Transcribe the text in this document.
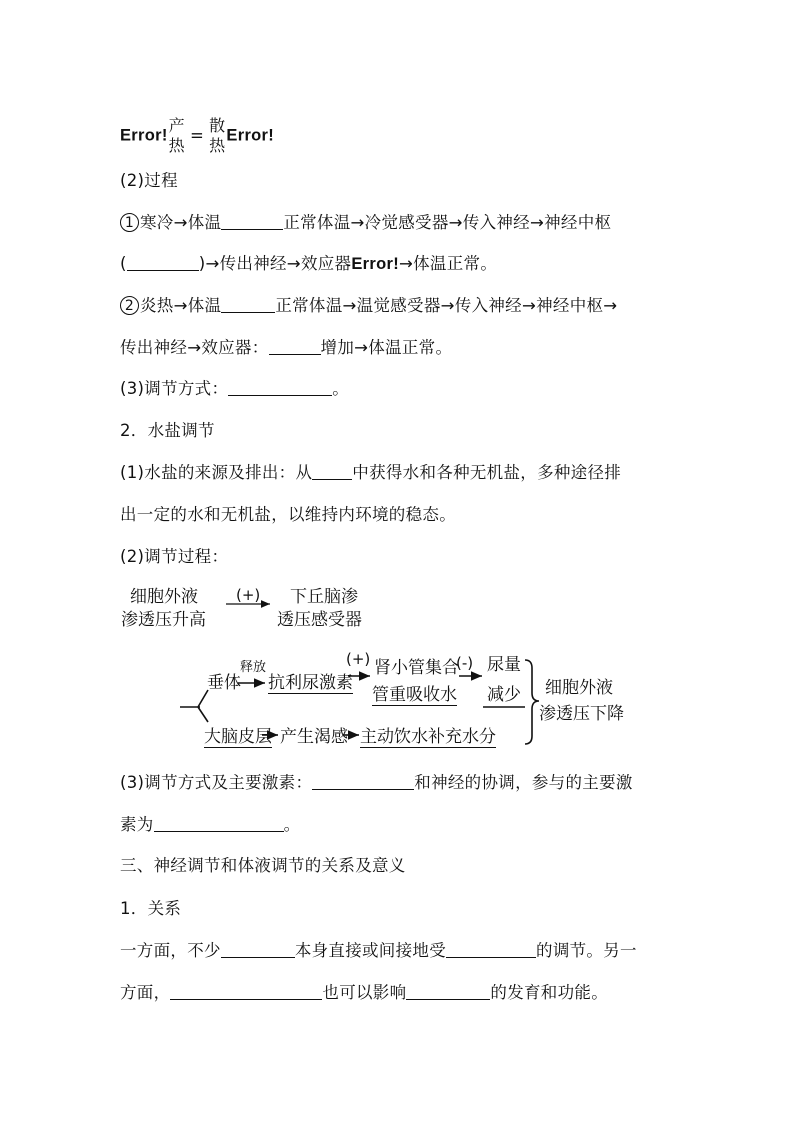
Error!
产
热
=
散
热
Error!
(2)过程
1 寒冷→体温	正常体温→冷觉感受器→传入神经→神经中枢
(	)→传出神经→效应器Error!→体温正常。
2 炎热→体温	正常体温→温觉感受器→传入神经→神经中枢→
传出神经→效应器：	增加→体温正常。
(3)调节方式：	。
2．水盐调节
(1)水盐的来源及排出：从 中获得水和各种无机盐，多种途径排
出一定的水和无机盐，以维持内环境的稳态。
(2)调节过程：
细胞外液
渗透压升高
(+) 下丘脑渗
透压感受器
垂体
释放
抗利尿激素
(+) 肾小管集合
管重吸收水
(-) 尿量
减少 细胞外液
渗透压下降
大脑皮层 产生渴感 主动饮水补充水分
(3)调节方式及主要激素：	和神经的协调，参与的主要激
素为	。
三、神经调节和体液调节的关系及意义
1．关系
一方面，不少	本身直接或间接地受	的调节。另一
方面，	也可以影响	的发育和功能。
